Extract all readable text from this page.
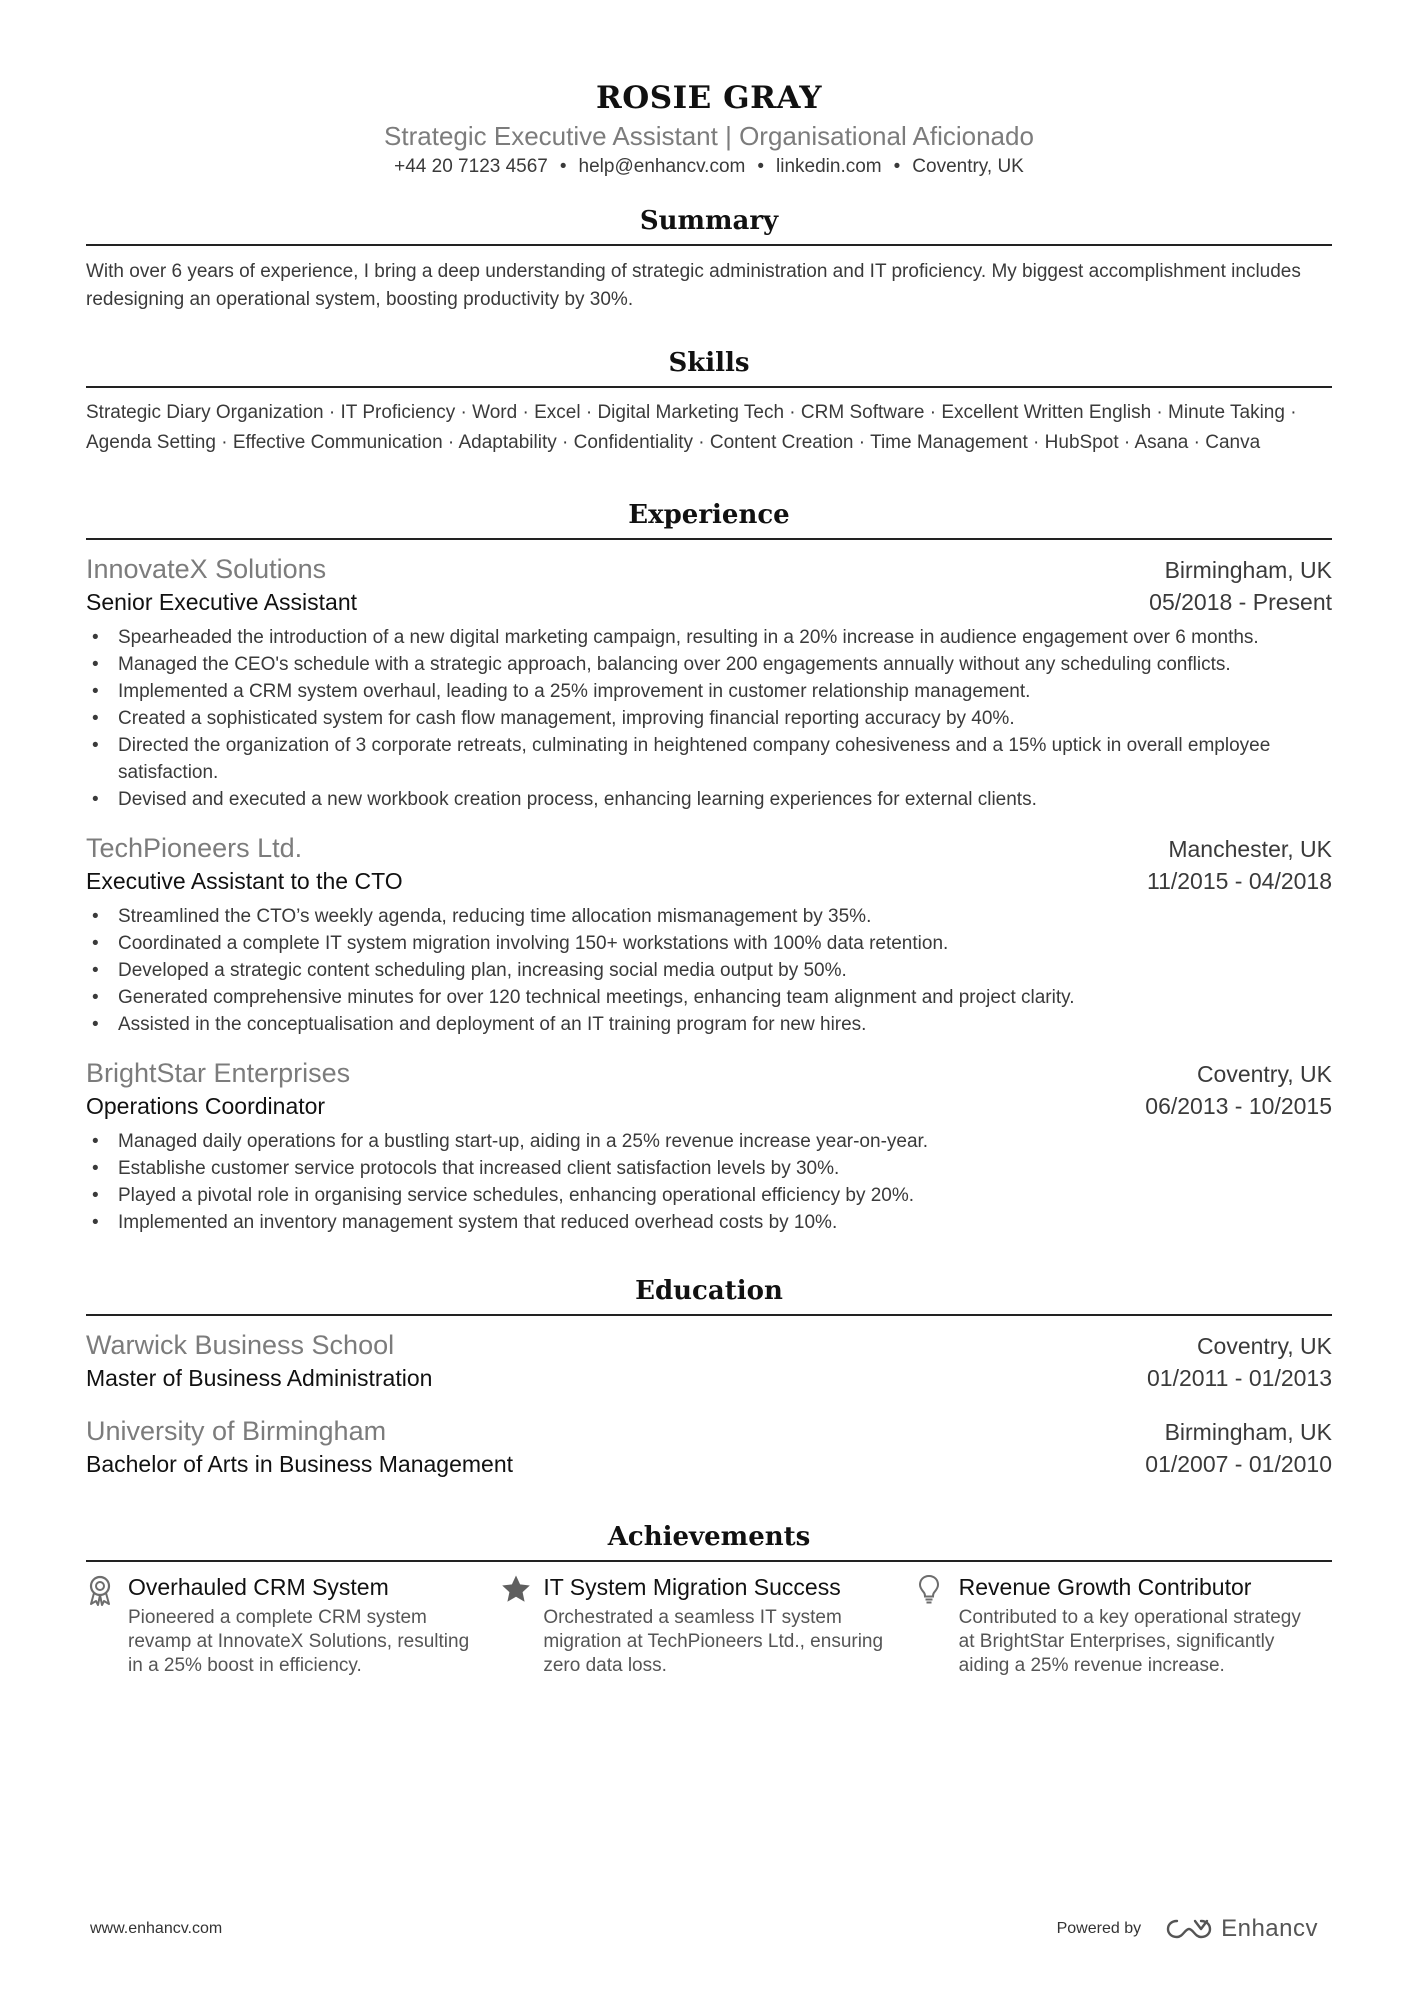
ROSIE GRAY
Strategic Executive Assistant | Organisational Aficionado
+44 20 7123 4567 • help@enhancv.com • linkedin.com • Coventry, UK
Summary
With over 6 years of experience, I bring a deep understanding of strategic administration and IT proficiency. My biggest accomplishment includes redesigning an operational system, boosting productivity by 30%.
Skills
Strategic Diary Organization · IT Proficiency · Word · Excel · Digital Marketing Tech · CRM Software · Excellent Written English · Minute Taking · Agenda Setting · Effective Communication · Adaptability · Confidentiality · Content Creation · Time Management · HubSpot · Asana · Canva
Experience
InnovateX Solutions	Birmingham, UK
Senior Executive Assistant	05/2018 - Present
• Spearheaded the introduction of a new digital marketing campaign, resulting in a 20% increase in audience engagement over 6 months.
• Managed the CEO's schedule with a strategic approach, balancing over 200 engagements annually without any scheduling conflicts.
• Implemented a CRM system overhaul, leading to a 25% improvement in customer relationship management.
• Created a sophisticated system for cash flow management, improving financial reporting accuracy by 40%.
• Directed the organization of 3 corporate retreats, culminating in heightened company cohesiveness and a 15% uptick in overall employee satisfaction.
• Devised and executed a new workbook creation process, enhancing learning experiences for external clients.
TechPioneers Ltd.	Manchester, UK
Executive Assistant to the CTO	11/2015 - 04/2018
• Streamlined the CTO’s weekly agenda, reducing time allocation mismanagement by 35%.
• Coordinated a complete IT system migration involving 150+ workstations with 100% data retention.
• Developed a strategic content scheduling plan, increasing social media output by 50%.
• Generated comprehensive minutes for over 120 technical meetings, enhancing team alignment and project clarity.
• Assisted in the conceptualisation and deployment of an IT training program for new hires.
BrightStar Enterprises	Coventry, UK
Operations Coordinator	06/2013 - 10/2015
• Managed daily operations for a bustling start-up, aiding in a 25% revenue increase year-on-year.
• Establishe customer service protocols that increased client satisfaction levels by 30%.
• Played a pivotal role in organising service schedules, enhancing operational efficiency by 20%.
• Implemented an inventory management system that reduced overhead costs by 10%.
Education
Warwick Business School	Coventry, UK
Master of Business Administration	01/2011 - 01/2013
University of Birmingham	Birmingham, UK
Bachelor of Arts in Business Management	01/2007 - 01/2010
Achievements
Overhauled CRM System
Pioneered a complete CRM system revamp at InnovateX Solutions, resulting in a 25% boost in efficiency.
IT System Migration Success
Orchestrated a seamless IT system migration at TechPioneers Ltd., ensuring zero data loss.
Revenue Growth Contributor
Contributed to a key operational strategy at BrightStar Enterprises, significantly aiding a 25% revenue increase.
www.enhancv.com	Powered by	Enhancv
